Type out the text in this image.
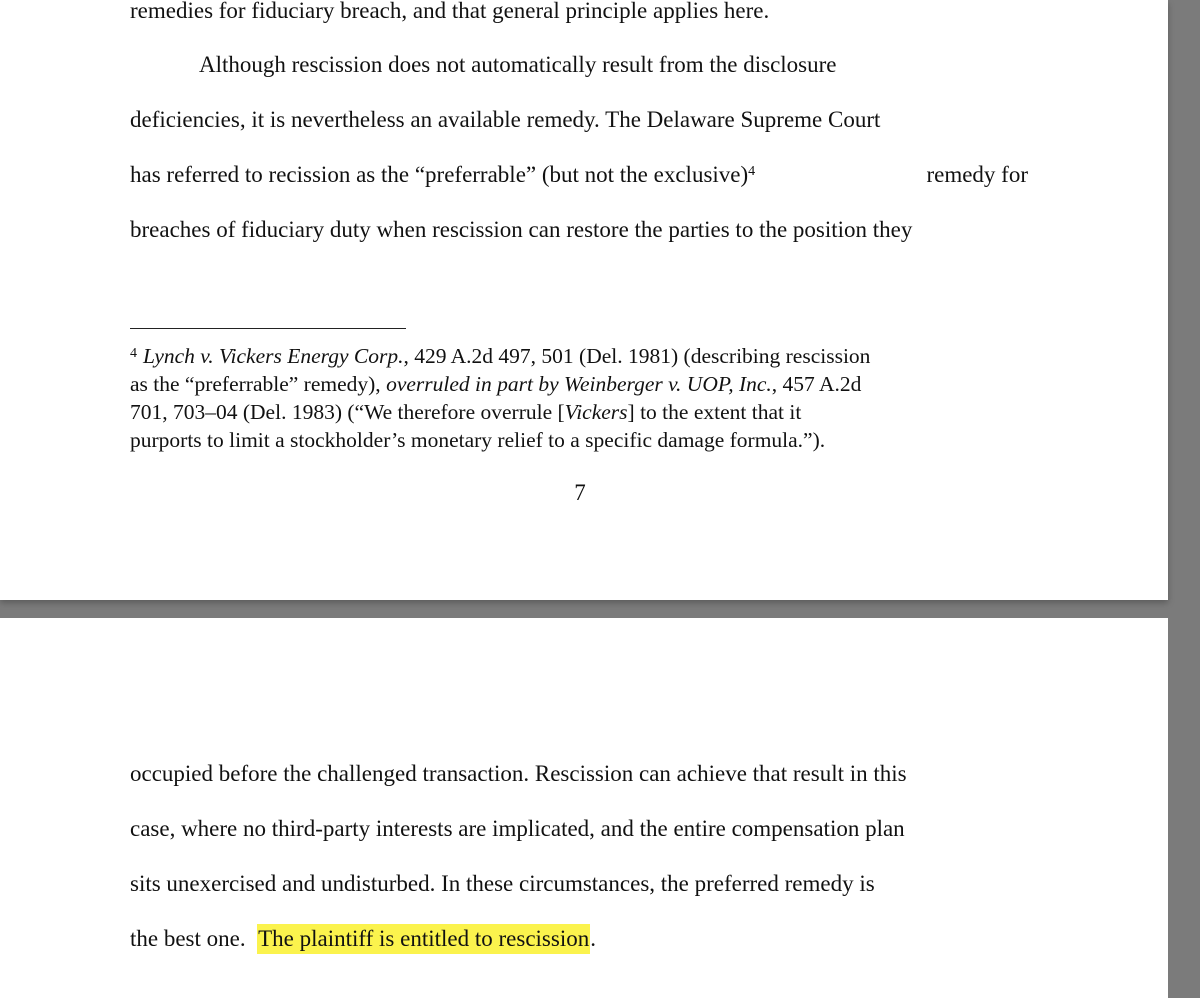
remedies for fiduciary breach, and that general principle applies here.
Although rescission does not automatically result from the disclosure
deficiencies, it is nevertheless an available remedy. The Delaware Supreme Court
has referred to recission as the “preferrable” (but not the exclusive)$^4$	remedy for
breaches of fiduciary duty when rescission can restore the parties to the position they
$^4$ Lynch v. Vickers Energy Corp., 429 A.2d 497, 501 (Del. 1981) (describing rescission
as the “preferrable” remedy), overruled in part by Weinberger v. UOP, Inc., 457 A.2d
701, 703–04 (Del. 1983) (“We therefore overrule [Vickers] to the extent that it
purports to limit a stockholder’s monetary relief to a specific damage formula.”).
7
occupied before the challenged transaction. Rescission can achieve that result in this
case, where no third-party interests are implicated, and the entire compensation plan
sits unexercised and undisturbed. In these circumstances, the preferred remedy is
the best one.  The plaintiff is entitled to rescission.
